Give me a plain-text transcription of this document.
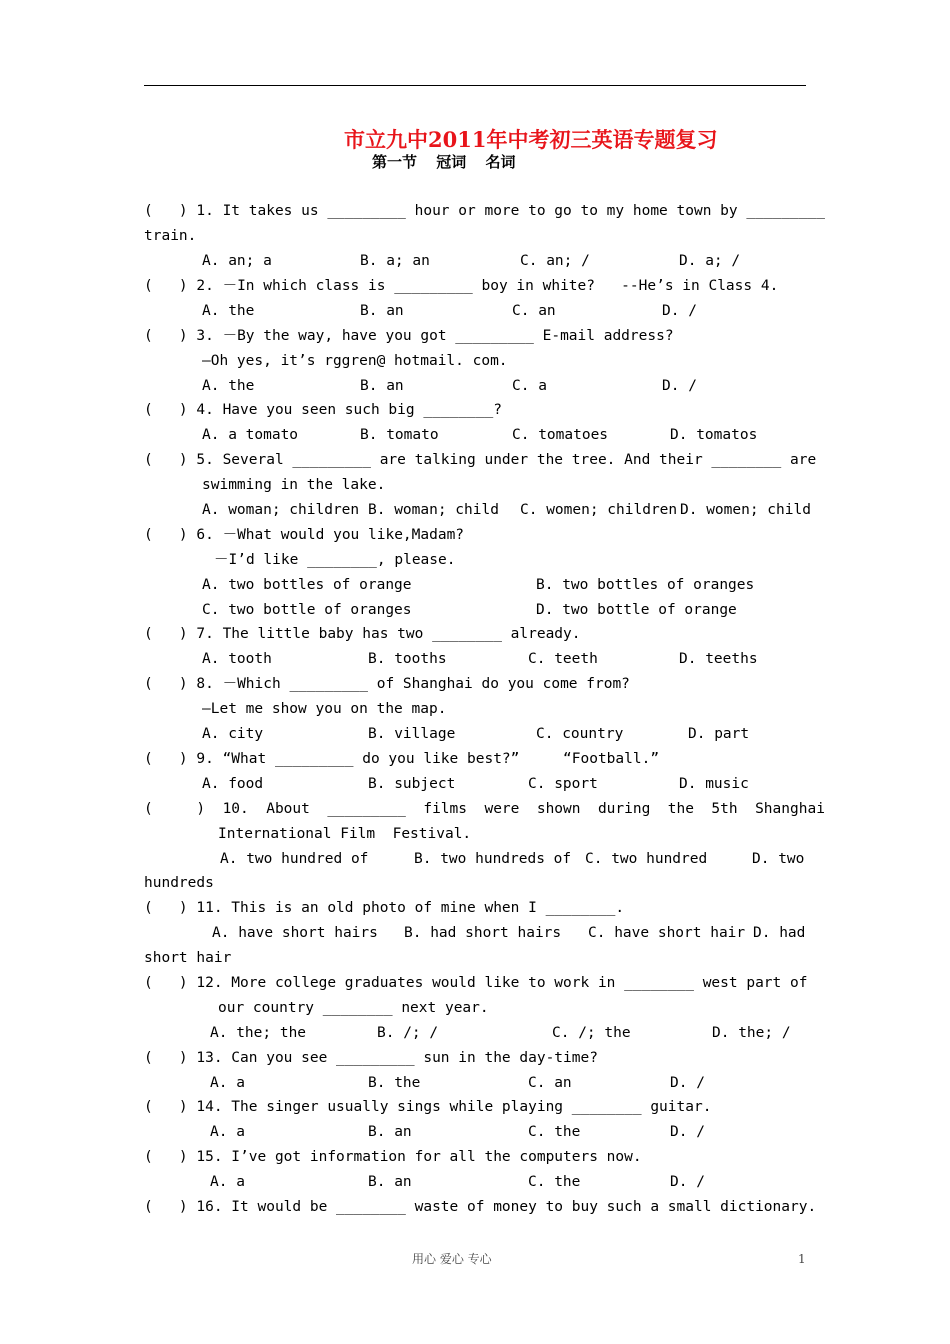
市立九中2011年中考初三英语专题复习
第一节 冠词 名词
(   ) 1. It takes us _________ hour or more to go to my home town by _________
train.
(   ) 2. －In which class is _________ boy in white?   --He’s in Class 4.
(   ) 3. －By the way, have you got _________ E-mail address?
—Oh yes, it’s rggren@ hotmail. com.
(   ) 4. Have you seen such big ________?
(   ) 5. Several _________ are talking under the tree. And their ________ are
swimming in the lake.
(   ) 6. －What would you like,Madam?
－I’d like ________, please.
(   ) 7. The little baby has two ________ already.
(   ) 8. －Which _________ of Shanghai do you come from?
—Let me show you on the map.
(   ) 9. “What _________ do you like best?”     “Football.”
(     )  10.  About  _________  films  were  shown  during  the  5th  Shanghai
International Film  Festival.
hundreds
(   ) 11. This is an old photo of mine when I ________.
short hair
(   ) 12. More college graduates would like to work in ________ west part of
our country ________ next year.
(   ) 13. Can you see _________ sun in the day-time?
(   ) 14. The singer usually sings while playing ________ guitar.
(   ) 15. I’ve got information for all the computers now.
(   ) 16. It would be ________ waste of money to buy such a small dictionary.
A. an; a	B. a; an	C. an; /	D. a; /
A. the	B. an	C. an	D. /
A. the	B. an	C. a	D. /
A. a tomato	B. tomato	C. tomatoes	D. tomatos
A. woman; children B. woman; child C. women; children D. women; child
A. two bottles of orange	B. two bottles of oranges
C. two bottle of oranges	D. two bottle of orange
A. tooth	B. tooths	C. teeth	D. teeths
A. city	B. village	C. country	D. part
A. food	B. subject	C. sport	D. music
A. two hundred of	B. two hundreds of C. two hundred	D. two
A. have short hairs B. had short hairs C. have short hair D. had
A. the; the	B. /; /	C. /; the	D. the; /
A. a	B. the	C. an	D. /
A. a	B. an	C. the	D. /
A. a	B. an	C. the	D. /
用心 爱心 专心	1
